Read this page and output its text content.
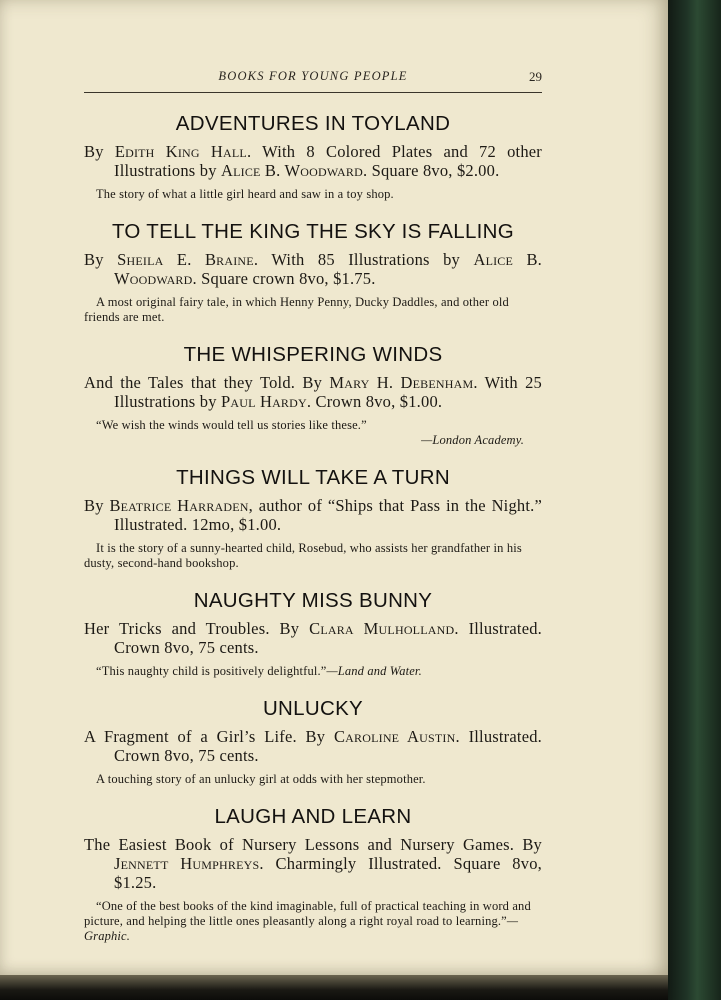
BOOKS FOR YOUNG PEOPLE	29
ADVENTURES IN TOYLAND
By Edith King Hall. With 8 Colored Plates and 72 other Illustrations by Alice B. Woodward. Square 8vo, $2.00.
The story of what a little girl heard and saw in a toy shop.
TO TELL THE KING THE SKY IS FALLING
By Sheila E. Braine. With 85 Illustrations by Alice B. Woodward. Square crown 8vo, $1.75.
A most original fairy tale, in which Henny Penny, Ducky Daddles, and other old friends are met.
THE WHISPERING WINDS
And the Tales that they Told. By Mary H. Debenham. With 25 Illustrations by Paul Hardy. Crown 8vo, $1.00.
“We wish the winds would tell us stories like these.”
—London Academy.
THINGS WILL TAKE A TURN
By Beatrice Harraden, author of “Ships that Pass in the Night.” Illustrated. 12mo, $1.00.
It is the story of a sunny-hearted child, Rosebud, who assists her grandfather in his dusty, second-hand bookshop.
NAUGHTY MISS BUNNY
Her Tricks and Troubles. By Clara Mulholland. Illustrated. Crown 8vo, 75 cents.
“This naughty child is positively delightful.”—Land and Water.
UNLUCKY
A Fragment of a Girl’s Life. By Caroline Austin. Illustrated. Crown 8vo, 75 cents.
A touching story of an unlucky girl at odds with her stepmother.
LAUGH AND LEARN
The Easiest Book of Nursery Lessons and Nursery Games. By Jennett Humphreys. Charmingly Illustrated. Square 8vo, $1.25.
“One of the best books of the kind imaginable, full of practical teaching in word and picture, and helping the little ones pleasantly along a right royal road to learning.”—Graphic.
